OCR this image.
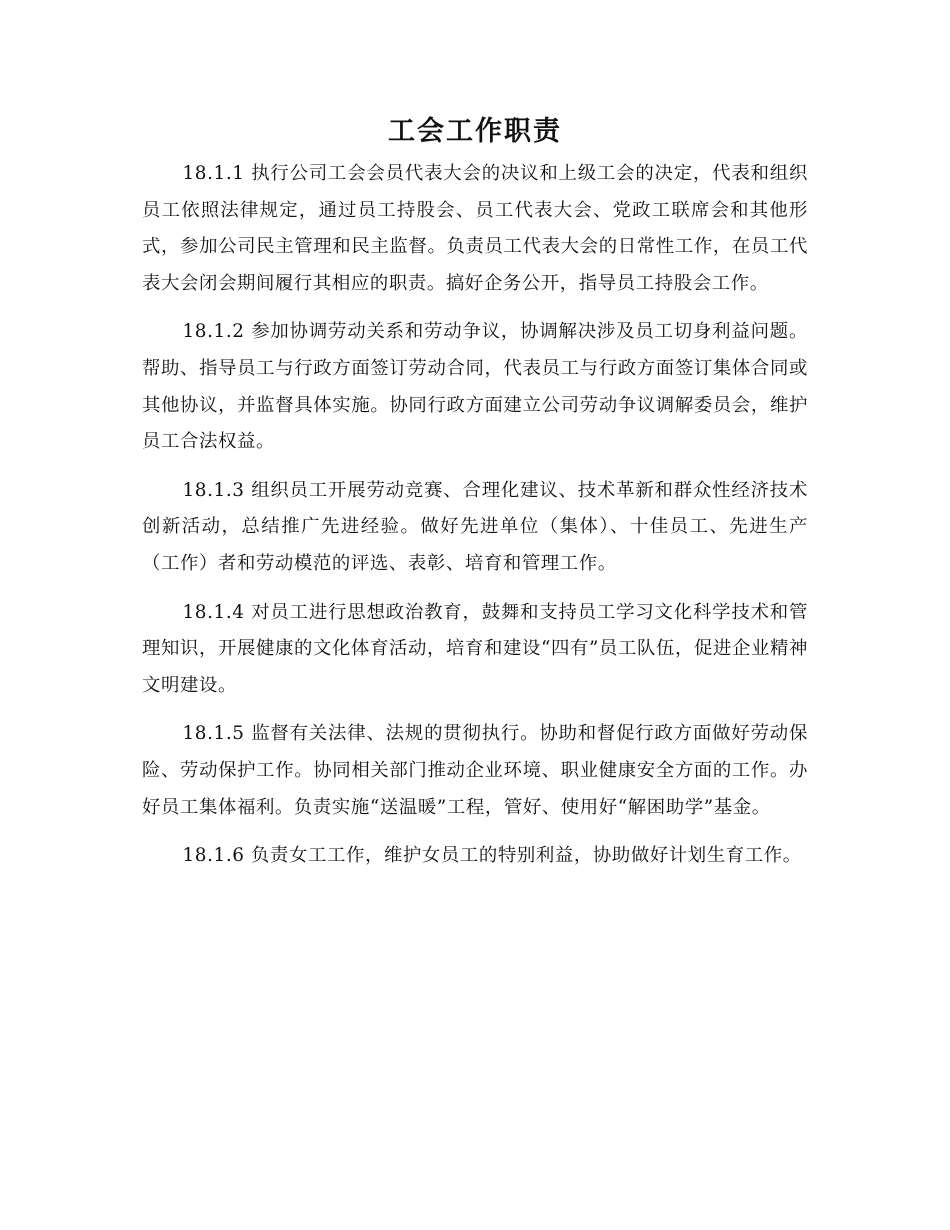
工会工作职责

18.1.1 执行公司工会会员代表大会的决议和上级工会的决定，代表和组织员工依照法律规定，通过员工持股会、员工代表大会、党政工联席会和其他形式，参加公司民主管理和民主监督。负责员工代表大会的日常性工作，在员工代表大会闭会期间履行其相应的职责。搞好企务公开，指导员工持股会工作。

18.1.2 参加协调劳动关系和劳动争议，协调解决涉及员工切身利益问题。帮助、指导员工与行政方面签订劳动合同，代表员工与行政方面签订集体合同或其他协议，并监督具体实施。协同行政方面建立公司劳动争议调解委员会，维护员工合法权益。

18.1.3 组织员工开展劳动竞赛、合理化建议、技术革新和群众性经济技术创新活动，总结推广先进经验。做好先进单位（集体）、十佳员工、先进生产（工作）者和劳动模范的评选、表彰、培育和管理工作。

18.1.4 对员工进行思想政治教育，鼓舞和支持员工学习文化科学技术和管理知识，开展健康的文化体育活动，培育和建设“四有”员工队伍，促进企业精神文明建设。

18.1.5 监督有关法律、法规的贯彻执行。协助和督促行政方面做好劳动保险、劳动保护工作。协同相关部门推动企业环境、职业健康安全方面的工作。办好员工集体福利。负责实施“送温暖”工程，管好、使用好“解困助学”基金。

18.1.6 负责女工工作，维护女员工的特别利益，协助做好计划生育工作。
